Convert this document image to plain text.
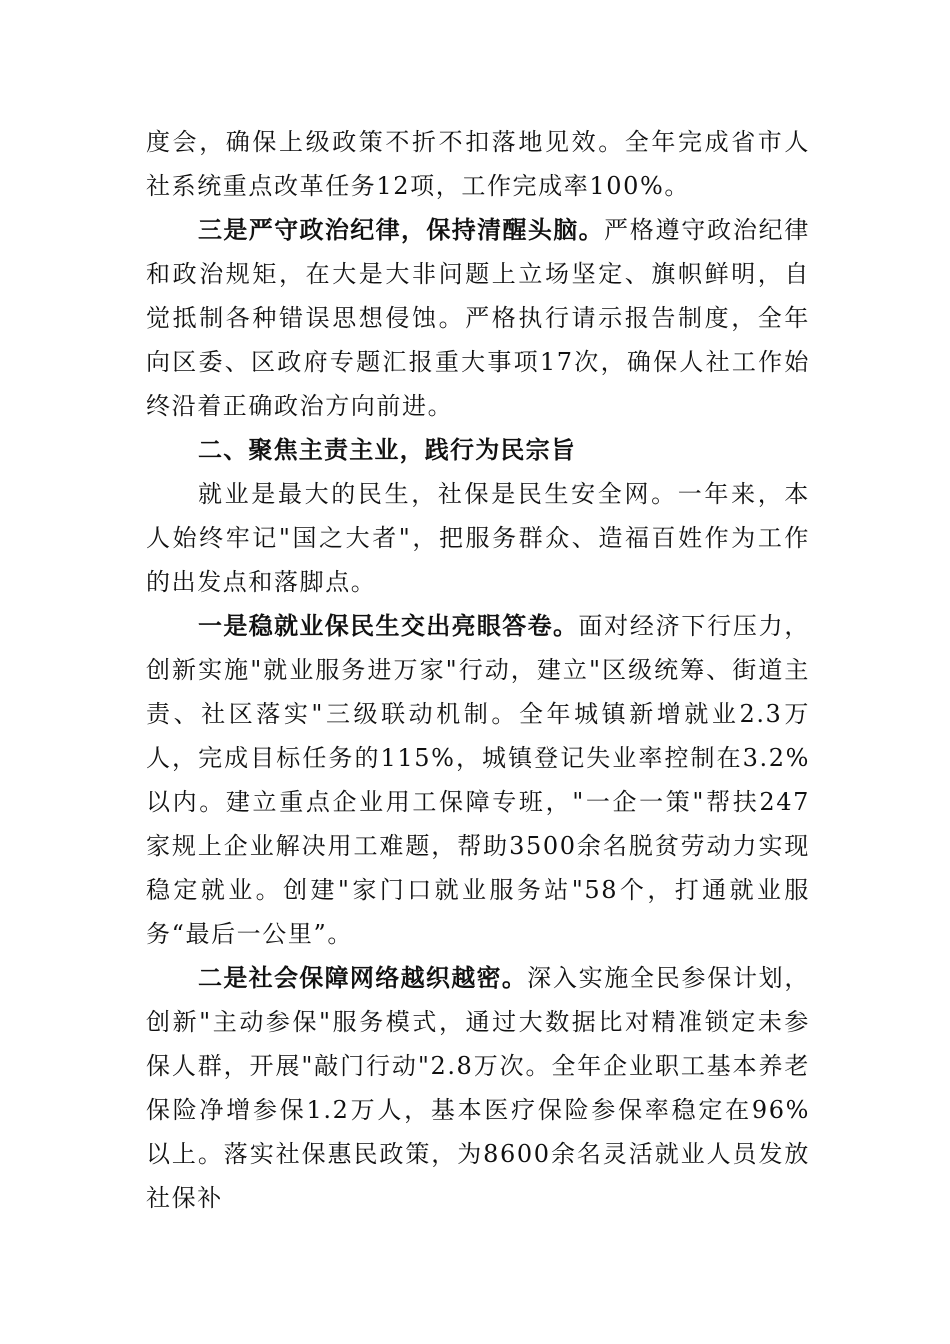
度会，确保上级政策不折不扣落地见效。全年完成省市人社系统重点改革任务12项，工作完成率100%。

三是严守政治纪律，保持清醒头脑。严格遵守政治纪律和政治规矩，在大是大非问题上立场坚定、旗帜鲜明，自觉抵制各种错误思想侵蚀。严格执行请示报告制度，全年向区委、区政府专题汇报重大事项17次，确保人社工作始终沿着正确政治方向前进。

二、聚焦主责主业，践行为民宗旨

就业是最大的民生，社保是民生安全网。一年来，本人始终牢记"国之大者"，把服务群众、造福百姓作为工作的出发点和落脚点。

一是稳就业保民生交出亮眼答卷。面对经济下行压力，创新实施"就业服务进万家"行动，建立"区级统筹、街道主责、社区落实"三级联动机制。全年城镇新增就业2.3万人，完成目标任务的115%，城镇登记失业率控制在3.2%以内。建立重点企业用工保障专班，"一企一策"帮扶247家规上企业解决用工难题，帮助3500余名脱贫劳动力实现稳定就业。创建"家门口就业服务站"58个，打通就业服务“最后一公里”。

二是社会保障网络越织越密。深入实施全民参保计划，创新"主动参保"服务模式，通过大数据比对精准锁定未参保人群，开展"敲门行动"2.8万次。全年企业职工基本养老保险净增参保1.2万人，基本医疗保险参保率稳定在96%以上。落实社保惠民政策，为8600余名灵活就业人员发放社保补
